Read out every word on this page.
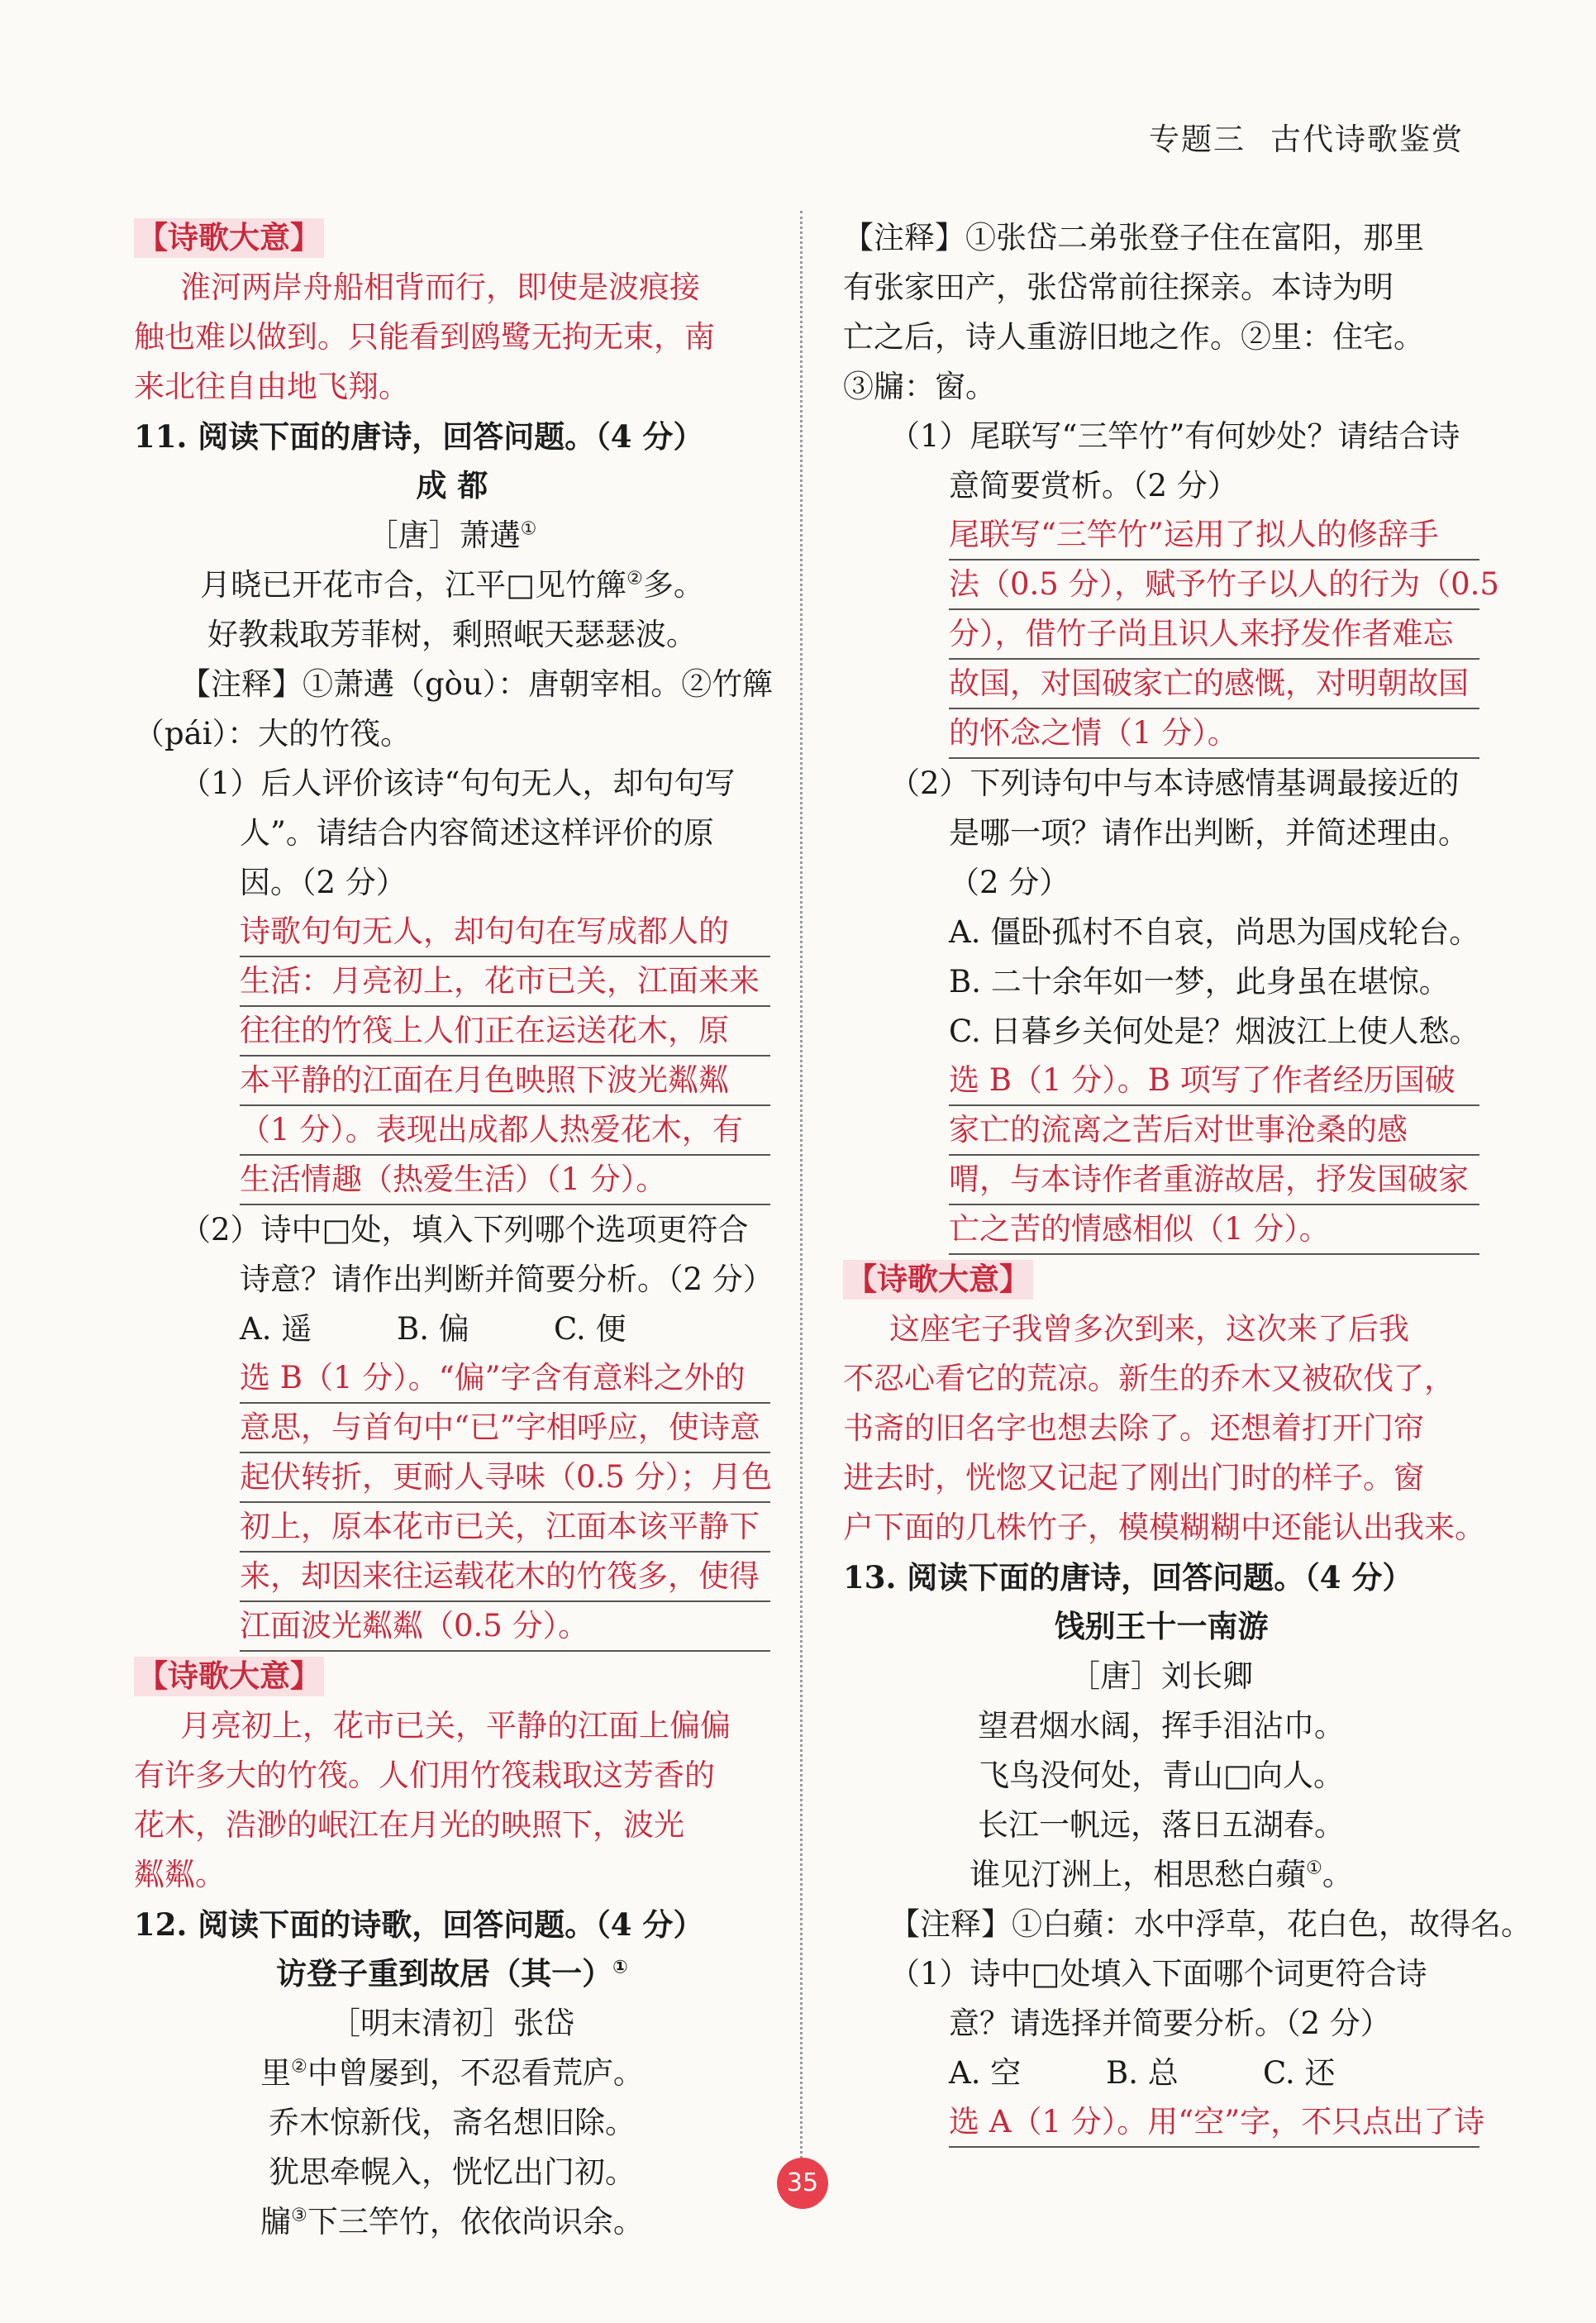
专题三 古代诗歌鉴赏
【诗歌大意】
淮河两岸舟船相背而行，即使是波痕接
触也难以做到。只能看到鸥鹭无拘无束，南
来北往自由地飞翔。
11. 阅读下面的唐诗，回答问题。（4 分）
成 都
［唐］萧遘①
月晓已开花市合，江平□见竹簰②多。
好教栽取芳菲树，剩照岷天瑟瑟波。
【注释】①萧遘（gòu）：唐朝宰相。②竹簰
（pái）：大的竹筏。
（1）后人评价该诗“句句无人，却句句写
人”。请结合内容简述这样评价的原
因。（2 分）
诗歌句句无人，却句句在写成都人的
生活：月亮初上，花市已关，江面来来
往往的竹筏上人们正在运送花木，原
本平静的江面在月色映照下波光粼粼
（1 分）。表现出成都人热爱花木，有
生活情趣（热爱生活）（1 分）。
（2）诗中□处，填入下列哪个选项更符合
诗意？请作出判断并简要分析。（2 分）
A. 遥	B. 偏	C. 便
选 B（1 分）。“偏”字含有意料之外的
意思，与首句中“已”字相呼应，使诗意
起伏转折，更耐人寻味（0.5 分）；月色
初上，原本花市已关，江面本该平静下
来，却因来往运载花木的竹筏多，使得
江面波光粼粼（0.5 分）。
【诗歌大意】
月亮初上，花市已关，平静的江面上偏偏
有许多大的竹筏。人们用竹筏栽取这芳香的
花木，浩渺的岷江在月光的映照下，波光
粼粼。
12. 阅读下面的诗歌，回答问题。（4 分）
访登子重到故居（其一）①
［明末清初］张岱
里②中曾屡到，不忍看荒庐。
乔木惊新伐，斋名想旧除。
犹思牵幌入，恍忆出门初。
牖③下三竿竹，依依尚识余。
【注释】①张岱二弟张登子住在富阳，那里
有张家田产，张岱常前往探亲。本诗为明
亡之后，诗人重游旧地之作。②里：住宅。
③牖：窗。
（1）尾联写“三竿竹”有何妙处？请结合诗
意简要赏析。（2 分）
尾联写“三竿竹”运用了拟人的修辞手
法（0.5 分），赋予竹子以人的行为（0.5
分），借竹子尚且识人来抒发作者难忘
故国，对国破家亡的感慨，对明朝故国
的怀念之情（1 分）。
（2）下列诗句中与本诗感情基调最接近的
是哪一项？请作出判断，并简述理由。
（2 分）
A. 僵卧孤村不自哀，尚思为国戍轮台。
B. 二十余年如一梦，此身虽在堪惊。
C. 日暮乡关何处是？烟波江上使人愁。
选 B（1 分）。B 项写了作者经历国破
家亡的流离之苦后对世事沧桑的感
喟，与本诗作者重游故居，抒发国破家
亡之苦的情感相似（1 分）。
【诗歌大意】
这座宅子我曾多次到来，这次来了后我
不忍心看它的荒凉。新生的乔木又被砍伐了，
书斋的旧名字也想去除了。还想着打开门帘
进去时，恍惚又记起了刚出门时的样子。窗
户下面的几株竹子，模模糊糊中还能认出我来。
13. 阅读下面的唐诗，回答问题。（4 分）
饯别王十一南游
［唐］刘长卿
望君烟水阔，挥手泪沾巾。
飞鸟没何处，青山□向人。
长江一帆远，落日五湖春。
谁见汀洲上，相思愁白蘋①。
【注释】①白蘋：水中浮草，花白色，故得名。
（1）诗中□处填入下面哪个词更符合诗
意？请选择并简要分析。（2 分）
A. 空	B. 总	C. 还
选 A（1 分）。用“空”字，不只点出了诗
35
